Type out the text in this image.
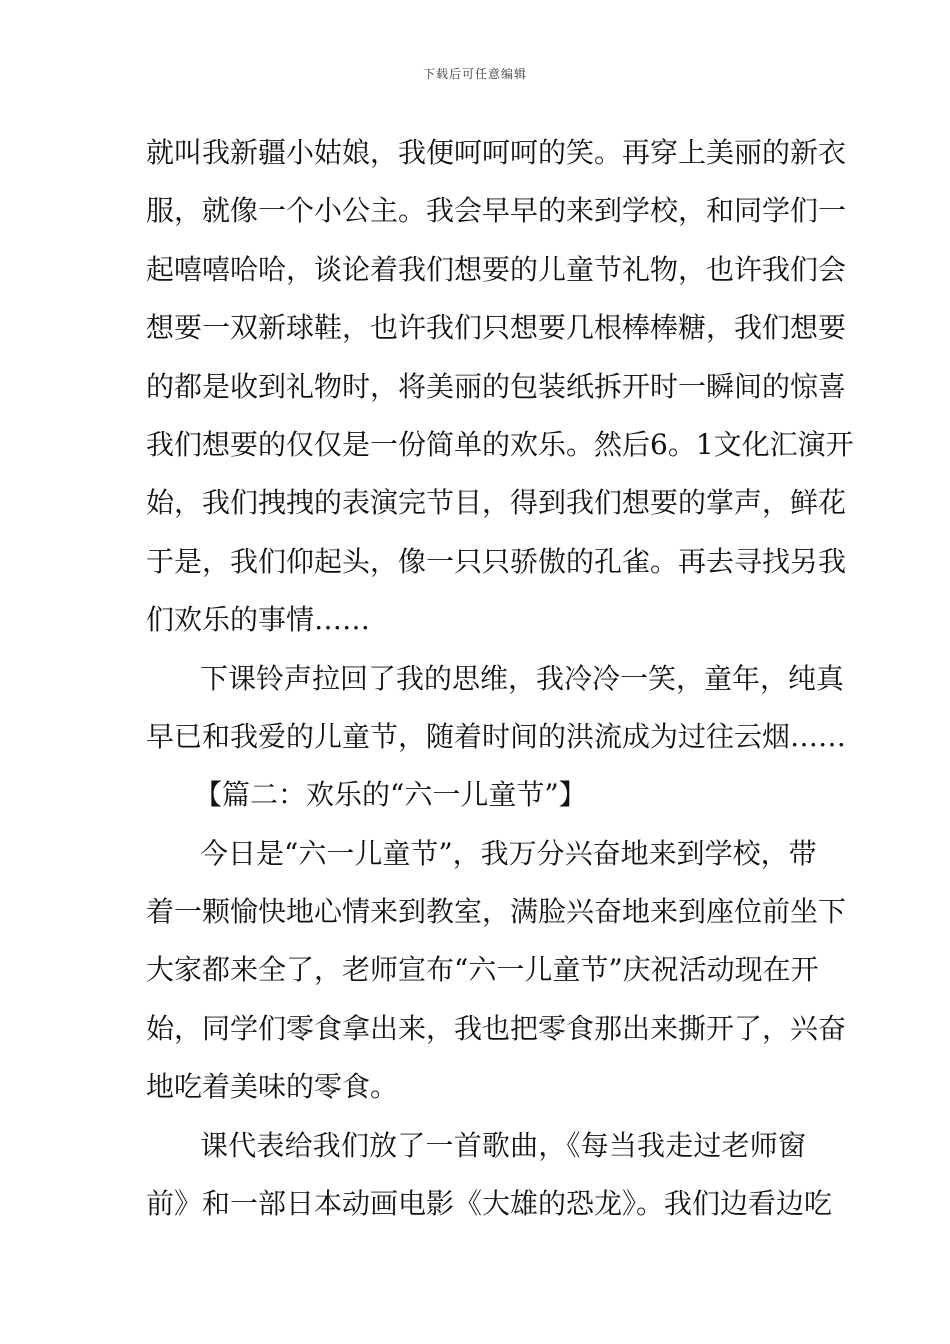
下载后可任意编辑
就叫我新疆小姑娘，我便呵呵呵的笑。再穿上美丽的新衣
服，就像一个小公主。我会早早的来到学校，和同学们一
起嘻嘻哈哈，谈论着我们想要的儿童节礼物，也许我们会
想要一双新球鞋，也许我们只想要几根棒棒糖，我们想要
的都是收到礼物时，将美丽的包装纸拆开时一瞬间的惊喜
我们想要的仅仅是一份简单的欢乐。然后6。1文化汇演开
始，我们拽拽的表演完节目，得到我们想要的掌声，鲜花
于是，我们仰起头，像一只只骄傲的孔雀。再去寻找另我
们欢乐的事情……
下课铃声拉回了我的思维，我冷冷一笑，童年，纯真
早已和我爱的儿童节，随着时间的洪流成为过往云烟……
【篇二：欢乐的“六一儿童节”】
今日是“六一儿童节”，我万分兴奋地来到学校，带
着一颗愉快地心情来到教室，满脸兴奋地来到座位前坐下
大家都来全了，老师宣布“六一儿童节”庆祝活动现在开
始，同学们零食拿出来，我也把零食那出来撕开了，兴奋
地吃着美味的零食。
课代表给我们放了一首歌曲，《每当我走过老师窗
前》和一部日本动画电影《大雄的恐龙》。我们边看边吃
